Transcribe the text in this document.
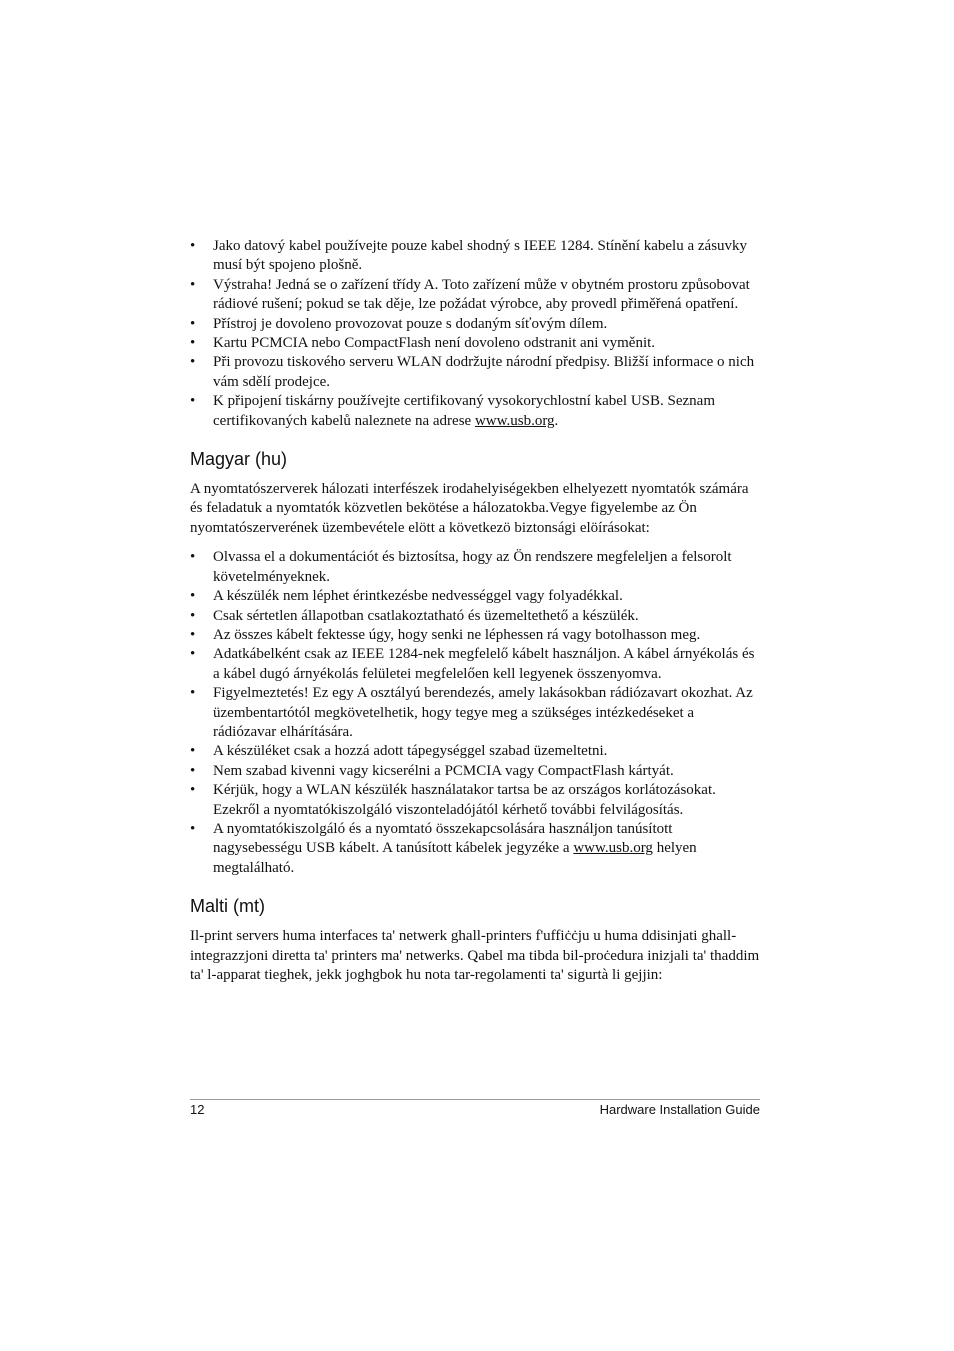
• Jako datový kabel používejte pouze kabel shodný s IEEE 1284. Stínění kabelu a zásuvky musí být spojeno plošně.
• Výstraha! Jedná se o zařízení třídy A. Toto zařízení může v obytném prostoru způsobovat rádiové rušení; pokud se tak děje, lze požádat výrobce, aby provedl přiměřená opatření.
• Přístroj je dovoleno provozovat pouze s dodaným síťovým dílem.
• Kartu PCMCIA nebo CompactFlash není dovoleno odstranit ani vyměnit.
• Při provozu tiskového serveru WLAN dodržujte národní předpisy. Bližší informace o nich vám sdělí prodejce.
• K připojení tiskárny používejte certifikovaný vysokorychlostní kabel USB. Seznam certifikovaných kabelů naleznete na adrese www.usb.org.
Magyar (hu)

A nyomtatószerverek hálozati interfészek irodahelyiségekben elhelyezett nyomtatók számára és feladatuk a nyomtatók közvetlen bekötése a hálozatokba.Vegye figyelembe az Ön nyomtatószerverének üzembevétele elött a következö biztonsági elöírásokat:

• Olvassa el a dokumentációt és biztosítsa, hogy az Ön rendszere megfeleljen a felsorolt követelményeknek.
• A készülék nem léphet érintkezésbe nedvességgel vagy folyadékkal.
• Csak sértetlen állapotban csatlakoztatható és üzemeltethető a készülék.
• Az összes kábelt fektesse úgy, hogy senki ne léphessen rá vagy botolhasson meg.
• Adatkábelként csak az IEEE 1284-nek megfelelő kábelt használjon. A kábel árnyékolás és a kábel dugó árnyékolás felületei megfelelően kell legyenek összenyomva.
• Figyelmeztetés! Ez egy A osztályú berendezés, amely lakásokban rádiózavart okozhat. Az üzembentartótól megkövetelhetik, hogy tegye meg a szükséges intézkedéseket a rádiózavar elhárítására.
• A készüléket csak a hozzá adott tápegységgel szabad üzemeltetni.
• Nem szabad kivenni vagy kicserélni a PCMCIA vagy CompactFlash kártyát.
• Kérjük, hogy a WLAN készülék használatakor tartsa be az országos korlátozásokat. Ezekről a nyomtatókiszolgáló viszonteladójától kérhető további felvilágosítás.
• A nyomtatókiszolgáló és a nyomtató összekapcsolására használjon tanúsított nagysebességu USB kábelt. A tanúsított kábelek jegyzéke a www.usb.org helyen megtalálható.
Malti (mt)

Il-print servers huma interfaces ta' netwerk ghall-printers f'uffiċċju u huma ddisinjati ghall-integrazzjoni diretta ta' printers ma' netwerks. Qabel ma tibda bil-proċedura inizjali ta' thaddim ta' l-apparat tieghek, jekk joghgbok hu nota tar-regolamenti ta' sigurtà li gejjin:

12	Hardware Installation Guide
